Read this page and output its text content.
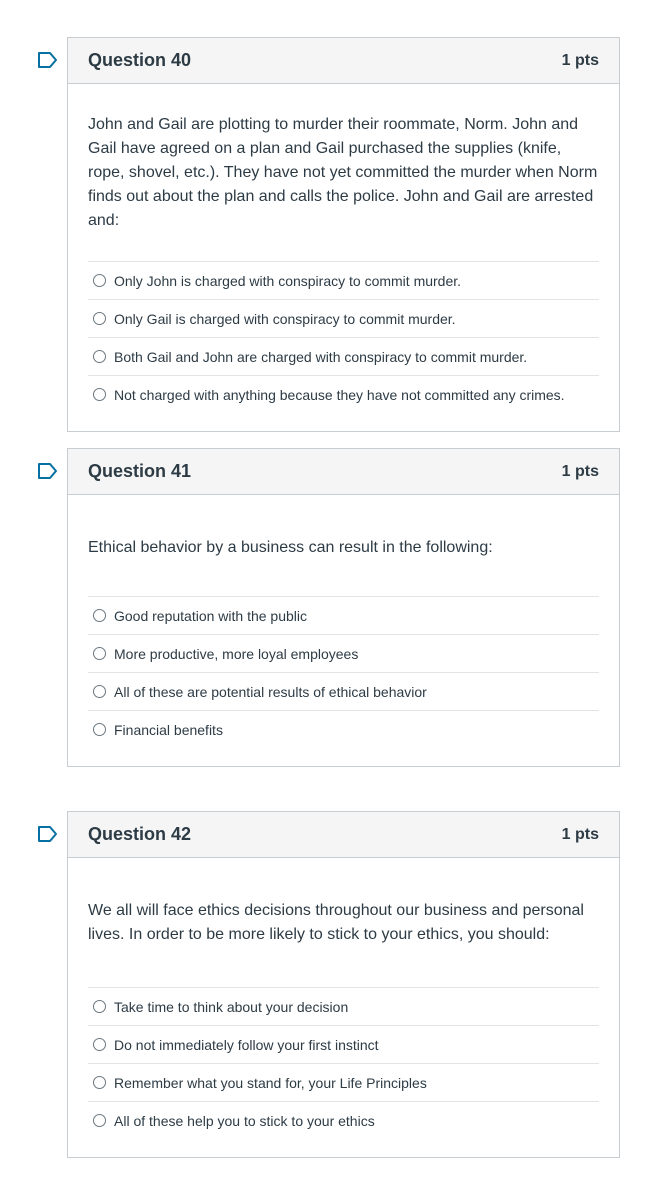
Question 40	1 pts

John and Gail are plotting to murder their roommate, Norm. John and Gail have agreed on a plan and Gail purchased the supplies (knife, rope, shovel, etc.). They have not yet committed the murder when Norm finds out about the plan and calls the police. John and Gail are arrested and:

Only John is charged with conspiracy to commit murder.
Only Gail is charged with conspiracy to commit murder.
Both Gail and John are charged with conspiracy to commit murder.
Not charged with anything because they have not committed any crimes.
Question 41	1 pts

Ethical behavior by a business can result in the following:

Good reputation with the public
More productive, more loyal employees
All of these are potential results of ethical behavior
Financial benefits
Question 42	1 pts

We all will face ethics decisions throughout our business and personal lives. In order to be more likely to stick to your ethics, you should:

Take time to think about your decision
Do not immediately follow your first instinct
Remember what you stand for, your Life Principles
All of these help you to stick to your ethics
